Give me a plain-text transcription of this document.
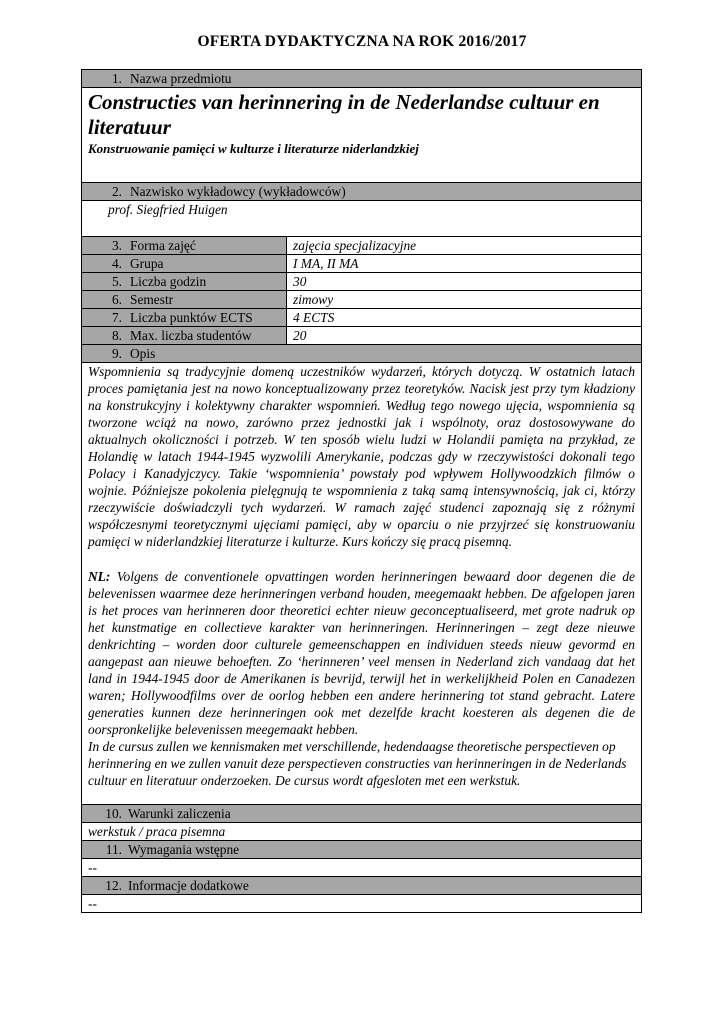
OFERTA DYDAKTYCZNA NA ROK 2016/2017
1. Nazwa przedmiotu	

Constructies van herinnering in de Nederlandse cultuur en literatuur
Konstruowanie pamięci w kulturze i literaturze niderlandzkiej	

2. Nazwisko wykładowcy (wykładowców)	
prof. Siegfried Huigen	
3. Forma zajęć	zajęcia specjalizacyjne
4. Grupa	I MA, II MA
5. Liczba godzin	30
6. Semestr	zimowy
7. Liczba punktów ECTS	4 ECTS
8. Max. liczba studentów	20
9. Opis	

Wspomnienia są tradycyjnie domeną uczestników wydarzeń, których dotyczą. W ostatnich latach proces pamiętania jest na nowo konceptualizowany przez teoretyków. Nacisk jest przy tym kładziony na konstrukcyjny i kolektywny charakter wspomnień. Według tego nowego ujęcia, wspomnienia są tworzone wciąż na nowo, zarówno przez jednostki jak i wspólnoty, oraz dostosowywane do aktualnych okoliczności i potrzeb. W ten sposób wielu ludzi w Holandii pamięta na przykład, ze Holandię w latach 1944-1945 wyzwolili Amerykanie, podczas gdy w rzeczywistości dokonali tego Polacy i Kanadyjczycy. Takie ‘wspomnienia’ powstały pod wpływem Hollywoodzkich filmów o wojnie. Późniejsze pokolenia pielęgnują te wspomnienia z taką samą intensywnością, jak ci, którzy rzeczywiście doświadczyli tych wydarzeń. W ramach zajęć studenci zapoznają się z różnymi współczesnymi teoretycznymi ujęciami pamięci, aby w oparciu o nie przyjrzeć się konstruowaniu pamięci w niderlandzkiej literaturze i kulturze. Kurs kończy się pracą pisemną.

NL: Volgens de conventionele opvattingen worden herinneringen bewaard door degenen die de belevenissen waarmee deze herinneringen verband houden, meegemaakt hebben. De afgelopen jaren is het proces van herinneren door theoretici echter nieuw geconceptualiseerd, met grote nadruk op het kunstmatige en collectieve karakter van herinneringen. Herinneringen – zegt deze nieuwe denkrichting – worden door culturele gemeenschappen en individuen steeds nieuw gevormd en aangepast aan nieuwe behoeften. Zo ‘herinneren’ veel mensen in Nederland zich vandaag dat het land in 1944-1945 door de Amerikanen is bevrijd, terwijl het in werkelijkheid Polen en Canadezen waren; Hollywoodfilms over de oorlog hebben een andere herinnering tot stand gebracht. Latere generaties kunnen deze herinneringen ook met dezelfde kracht koesteren als degenen die de oorspronkelijke belevenissen meegemaakt hebben.

In de cursus zullen we kennismaken met verschillende, hedendaagse theoretische perspectieven op herinnering en we zullen vanuit deze perspectieven constructies van herinneringen in de Nederlands cultuur en literatuur onderzoeken. De cursus wordt afgesloten met een werkstuk.	

10. Warunki zaliczenia	
werkstuk / praca pisemna	
11. Wymagania wstępne	
--	
12. Informacje dodatkowe	
--	
